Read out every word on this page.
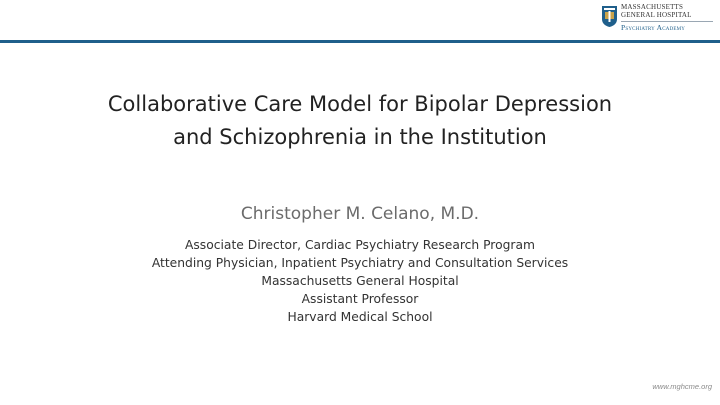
MASSACHUSETTS
GENERAL HOSPITAL
Psychiatry Academy
Collaborative Care Model for Bipolar Depression
and Schizophrenia in the Institution
Christopher M. Celano, M.D.
Associate Director, Cardiac Psychiatry Research Program
Attending Physician, Inpatient Psychiatry and Consultation Services
Massachusetts General Hospital
Assistant Professor
Harvard Medical School
www.mghcme.org
